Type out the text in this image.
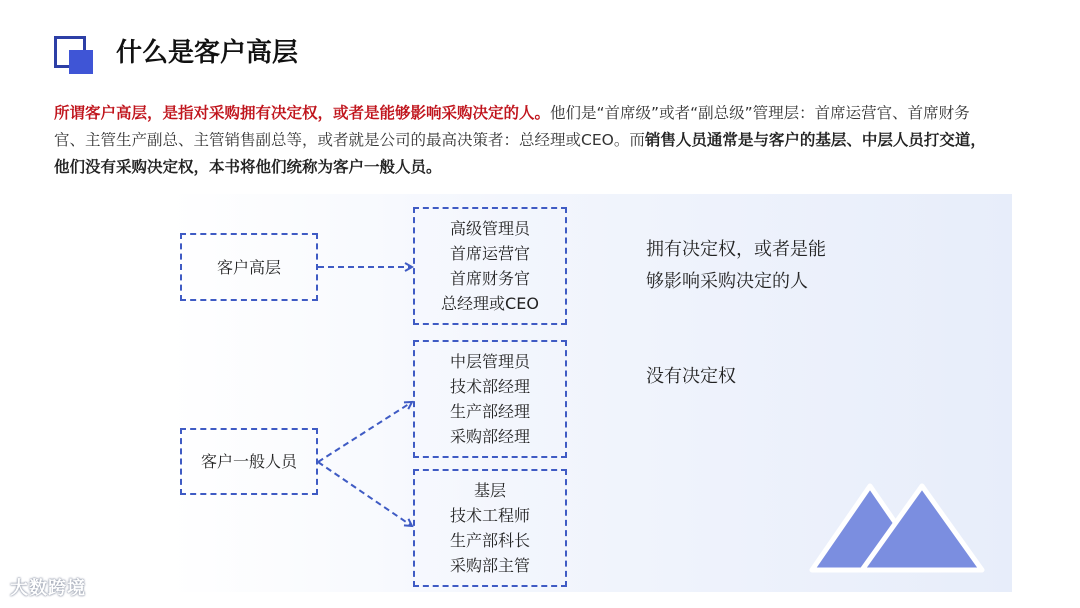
什么是客户高层
所谓客户高层，是指对采购拥有决定权，或者是能够影响采购决定的人。他们是“首席级”或者“副总级”管理层：首席运营官、首席财务官、主管生产副总、主管销售副总等，或者就是公司的最高决策者：总经理或CEO。而销售人员通常是与客户的基层、中层人员打交道，他们没有采购决定权，本书将他们统称为客户一般人员。
客户高层
客户一般人员
高级管理员
首席运营官
首席财务官
总经理或CEO
中层管理员
技术部经理
生产部经理
采购部经理
基层
技术工程师
生产部科长
采购部主管
拥有决定权，或者是能
够影响采购决定的人
没有决定权
大数跨境
